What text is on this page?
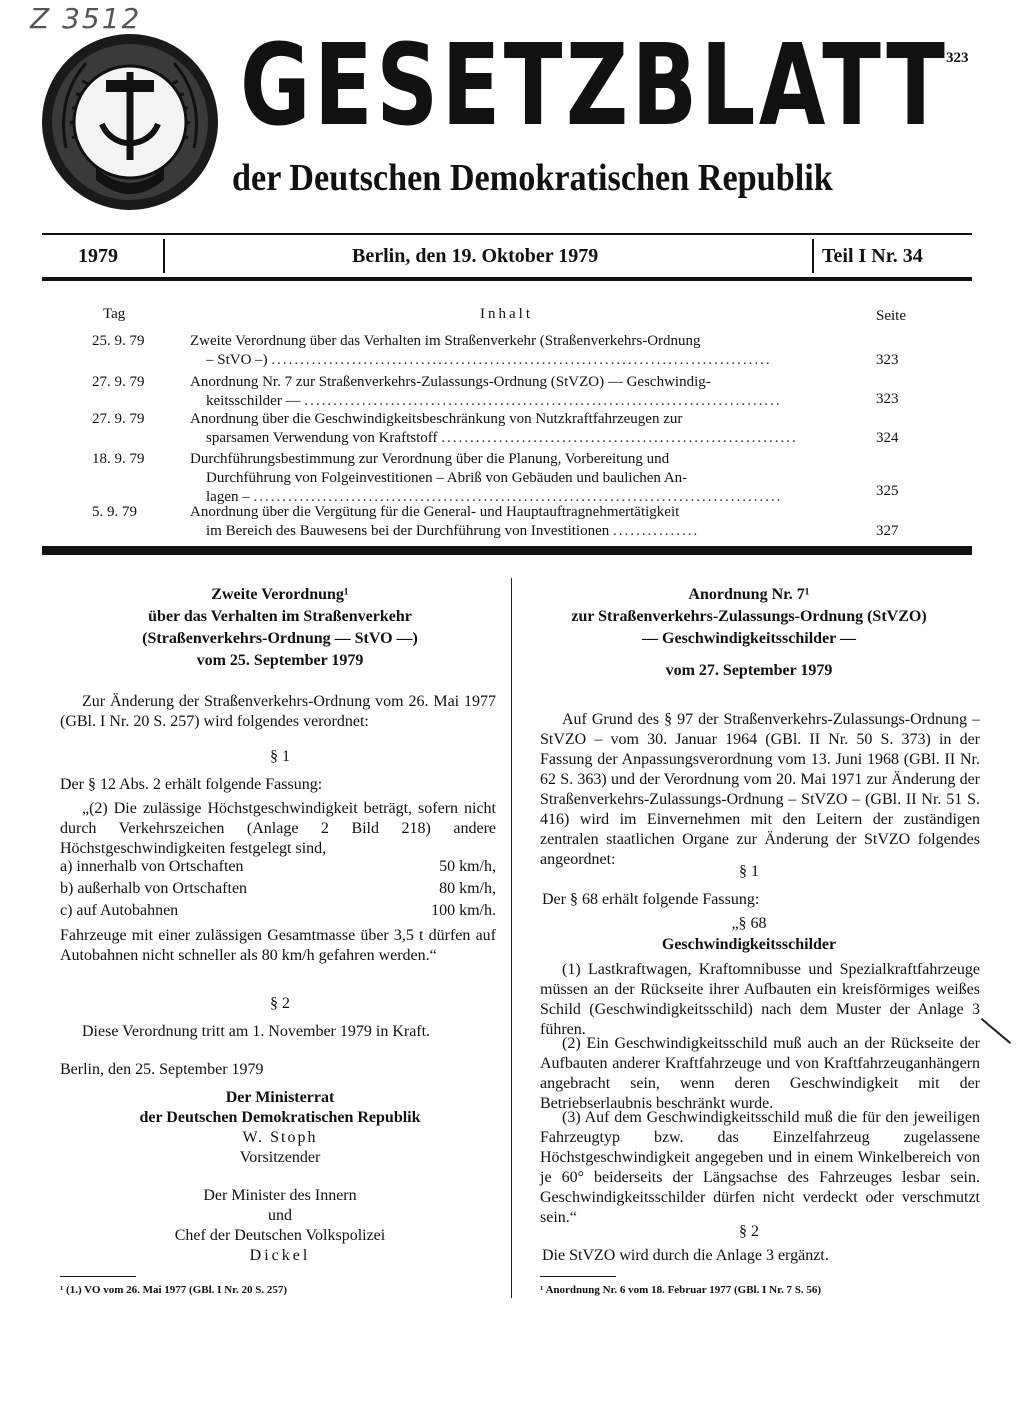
Z 3512
GESETZBLATT
der Deutschen Demokratischen Republik
323
1979	Berlin, den 19. Oktober 1979	Teil I Nr. 34
Tag	Inhalt	Seite
25. 9. 79	Zweite Verordnung über das Verhalten im Straßenverkehr (Straßenverkehrs-Ordnung
– StVO –) .......................................................................................	323
27. 9. 79	Anordnung Nr. 7 zur Straßenverkehrs-Zulassungs-Ordnung (StVZO) — Geschwindig-
keitsschilder — ...................................................................................	323
27. 9. 79	Anordnung über die Geschwindigkeitsbeschränkung von Nutzkraftfahrzeugen zur
sparsamen Verwendung von Kraftstoff ..............................................................	324
18. 9. 79	Durchführungsbestimmung zur Verordnung über die Planung, Vorbereitung und
Durchführung von Folgeinvestitionen – Abriß von Gebäuden und baulichen An-
lagen – ............................................................................................	325
5. 9. 79	Anordnung über die Vergütung für die General- und Hauptauftragnehmertätigkeit
im Bereich des Bauwesens bei der Durchführung von Investitionen ...............	327

Zweite Verordnung¹

über das Verhalten im Straßenverkehr

(Straßenverkehrs-Ordnung — StVO —)

vom 25. September 1979

Zur Änderung der Straßenverkehrs-Ordnung vom 26. Mai 1977 (GBl. I Nr. 20 S. 257) wird folgendes verordnet:
§ 1
Der § 12 Abs. 2 erhält folgende Fassung:
„(2) Die zulässige Höchstgeschwindigkeit beträgt, sofern nicht durch Verkehrszeichen (Anlage 2 Bild 218) andere Höchstgeschwindigkeiten festgelegt sind,
a) innerhalb von Ortschaften	50 km/h,
b) außerhalb von Ortschaften	80 km/h,
c) auf Autobahnen	100 km/h.
Fahrzeuge mit einer zulässigen Gesamtmasse über 3,5 t dürfen auf Autobahnen nicht schneller als 80 km/h gefahren werden.“
§ 2
Diese Verordnung tritt am 1. November 1979 in Kraft.
Berlin, den 25. September 1979

Der Ministerrat

der Deutschen Demokratischen Republik

W. Stoph

Vorsitzender

Der Minister des Innern

und

Chef der Deutschen Volkspolizei

Dickel

¹ (1.) VO vom 26. Mai 1977 (GBl. I Nr. 20 S. 257)

Anordnung Nr. 7¹

zur Straßenverkehrs-Zulassungs-Ordnung (StVZO)

— Geschwindigkeitsschilder —

vom 27. September 1979

Auf Grund des § 97 der Straßenverkehrs-Zulassungs-Ordnung – StVZO – vom 30. Januar 1964 (GBl. II Nr. 50 S. 373) in der Fassung der Anpassungsverordnung vom 13. Juni 1968 (GBl. II Nr. 62 S. 363) und der Verordnung vom 20. Mai 1971 zur Änderung der Straßenverkehrs-Zulassungs-Ordnung – StVZO – (GBl. II Nr. 51 S. 416) wird im Einvernehmen mit den Leitern der zuständigen zentralen staatlichen Organe zur Änderung der StVZO folgendes angeordnet:
§ 1
Der § 68 erhält folgende Fassung:
„§ 68
Geschwindigkeitsschilder
(1) Lastkraftwagen, Kraftomnibusse und Spezialkraftfahrzeuge müssen an der Rückseite ihrer Aufbauten ein kreisförmiges weißes Schild (Geschwindigkeitsschild) nach dem Muster der Anlage 3 führen.
(2) Ein Geschwindigkeitsschild muß auch an der Rückseite der Aufbauten anderer Kraftfahrzeuge und von Kraftfahrzeuganhängern angebracht sein, wenn deren Geschwindigkeit mit der Betriebserlaubnis beschränkt wurde.
(3) Auf dem Geschwindigkeitsschild muß die für den jeweiligen Fahrzeugtyp bzw. das Einzelfahrzeug zugelassene Höchstgeschwindigkeit angegeben und in einem Winkelbereich von je 60° beiderseits der Längsachse des Fahrzeuges lesbar sein. Geschwindigkeitsschilder dürfen nicht verdeckt oder verschmutzt sein.“
§ 2
Die StVZO wird durch die Anlage 3 ergänzt.
¹ Anordnung Nr. 6 vom 18. Februar 1977 (GBl. I Nr. 7 S. 56)
